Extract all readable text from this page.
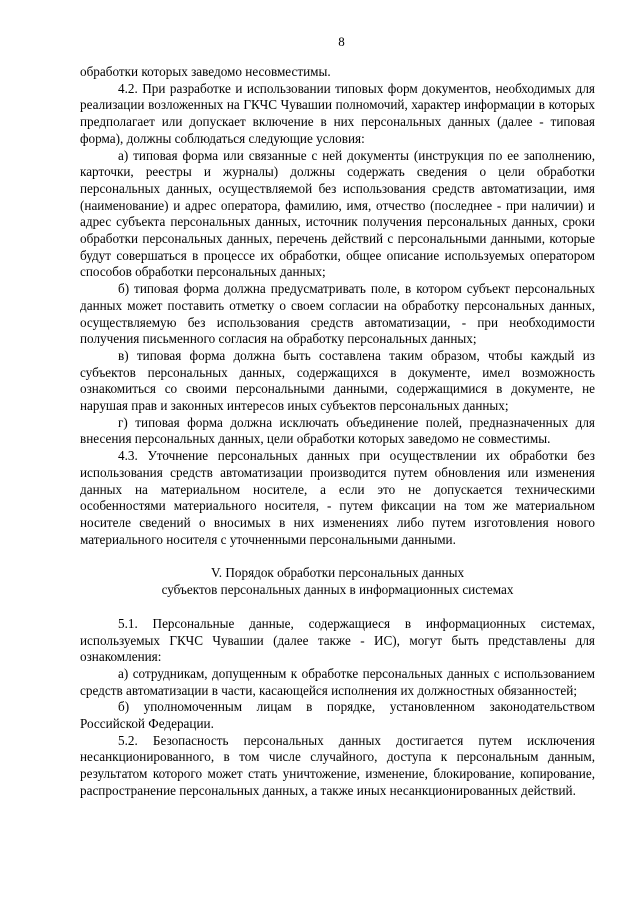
8

обработки которых заведомо несовместимы.

4.2. При разработке и использовании типовых форм документов, необходимых для реализации возложенных на ГКЧС Чувашии полномочий, характер информации в которых предполагает или допускает включение в них персональных данных (далее - типовая форма), должны соблюдаться следующие условия:

а) типовая форма или связанные с ней документы (инструкция по ее заполнению, карточки, реестры и журналы) должны содержать сведения о цели обработки персональных данных, осуществляемой без использования средств автоматизации, имя (наименование) и адрес оператора, фамилию, имя, отчество (последнее - при наличии) и адрес субъекта персональных данных, источник получения персональных данных, сроки обработки персональных данных, перечень действий с персональными данными, которые будут совершаться в процессе их обработки, общее описание используемых оператором способов обработки персональных данных;

б) типовая форма должна предусматривать поле, в котором субъект персональных данных может поставить отметку о своем согласии на обработку персональных данных, осуществляемую без использования средств автоматизации, - при необходимости получения письменного согласия на обработку персональных данных;

в) типовая форма должна быть составлена таким образом, чтобы каждый из субъектов персональных данных, содержащихся в документе, имел возможность ознакомиться со своими персональными данными, содержащимися в документе, не нарушая прав и законных интересов иных субъектов персональных данных;

г) типовая форма должна исключать объединение полей, предназначенных для внесения персональных данных, цели обработки которых заведомо не совместимы.

4.3. Уточнение персональных данных при осуществлении их обработки без использования средств автоматизации производится путем обновления или изменения данных на материальном носителе, а если это не допускается техническими особенностями материального носителя, - путем фиксации на том же материальном носителе сведений о вносимых в них изменениях либо путем изготовления нового материального носителя с уточненными персональными данными.

V. Порядок обработки персональных данных

субъектов персональных данных в информационных системах

5.1. Персональные данные, содержащиеся в информационных системах, используемых ГКЧС Чувашии (далее также - ИС), могут быть представлены для ознакомления:

а) сотрудникам, допущенным к обработке персональных данных с использованием средств автоматизации в части, касающейся исполнения их должностных обязанностей;

б) уполномоченным лицам в порядке, установленном законодательством Российской Федерации.

5.2. Безопасность персональных данных достигается путем исключения несанкционированного, в том числе случайного, доступа к персональным данным, результатом которого может стать уничтожение, изменение, блокирование, копирование, распространение персональных данных, а также иных несанкционированных действий.
